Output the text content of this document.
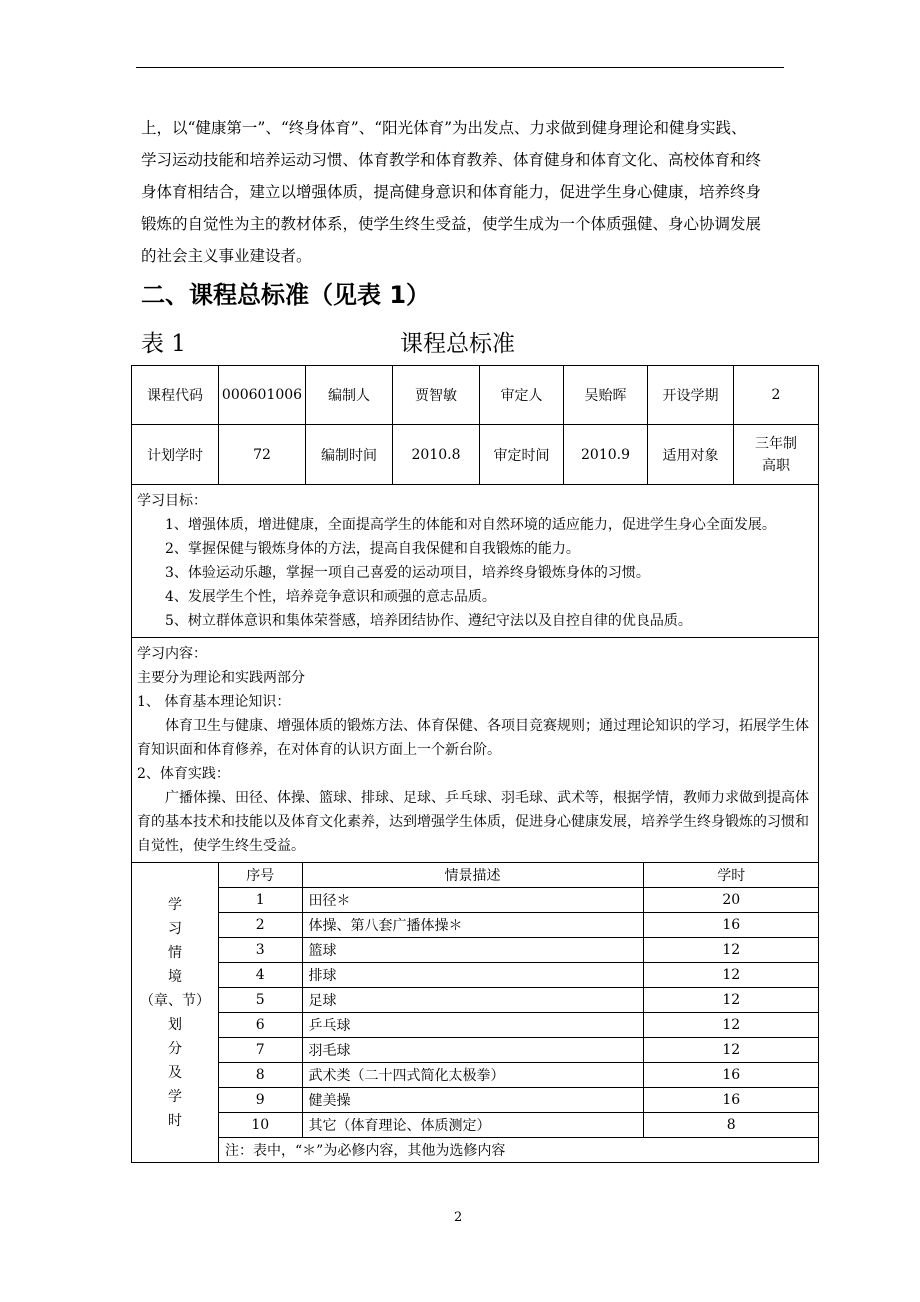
上，以“健康第一”、“终身体育”、“阳光体育”为出发点、力求做到健身理论和健身实践、

学习运动技能和培养运动习惯、体育教学和体育教养、体育健身和体育文化、高校体育和终

身体育相结合，建立以增强体质，提高健身意识和体育能力，促进学生身心健康，培养终身

锻炼的自觉性为主的教材体系，使学生终生受益，使学生成为一个体质强健、身心协调发展

的社会主义事业建设者。

二、课程总标准（见表 1）
表 1	课程总标准
课程代码	000601006	编制人	贾智敏	审定人	吴贻晖	开设学期	2
计划学时	72	编制时间	2010.8	审定时间	2010.9	适用对象	三年制
高职

学习目标：

1、增强体质，增进健康，全面提高学生的体能和对自然环境的适应能力，促进学生身心全面发展。

2、掌握保健与锻炼身体的方法，提高自我保健和自我锻炼的能力。

3、体验运动乐趣，掌握一项自己喜爱的运动项目，培养终身锻炼身体的习惯。

4、发展学生个性，培养竞争意识和顽强的意志品质。

5、树立群体意识和集体荣誉感，培养团结协作、遵纪守法以及自控自律的优良品质。

学习内容：

主要分为理论和实践两部分

1、 体育基本理论知识：

体育卫生与健康、增强体质的锻炼方法、体育保健、各项目竞赛规则；通过理论知识的学习，拓展学生体育知识面和体育修养，在对体育的认识方面上一个新台阶。

2、体育实践：

广播体操、田径、体操、篮球、排球、足球、乒乓球、羽毛球、武术等，根据学情，教师力求做到提高体育的基本技术和技能以及体育文化素养，达到增强学生体质，促进身心健康发展，培养学生终身锻炼的习惯和自觉性，使学生终生受益。

学
习
情
境
（章、节）
划
分
及
学
时

序号	情景描述	学时
1	田径＊	20
2	体操、第八套广播体操＊	16
3	篮球	12
4	排球	12
5	足球	12
6	乒乓球	12
7	羽毛球	12
8	武术类（二十四式简化太极拳）	16
9	健美操	16
10	其它（体育理论、体质测定）	8
注：表中，“＊”为必修内容，其他为选修内容
2
